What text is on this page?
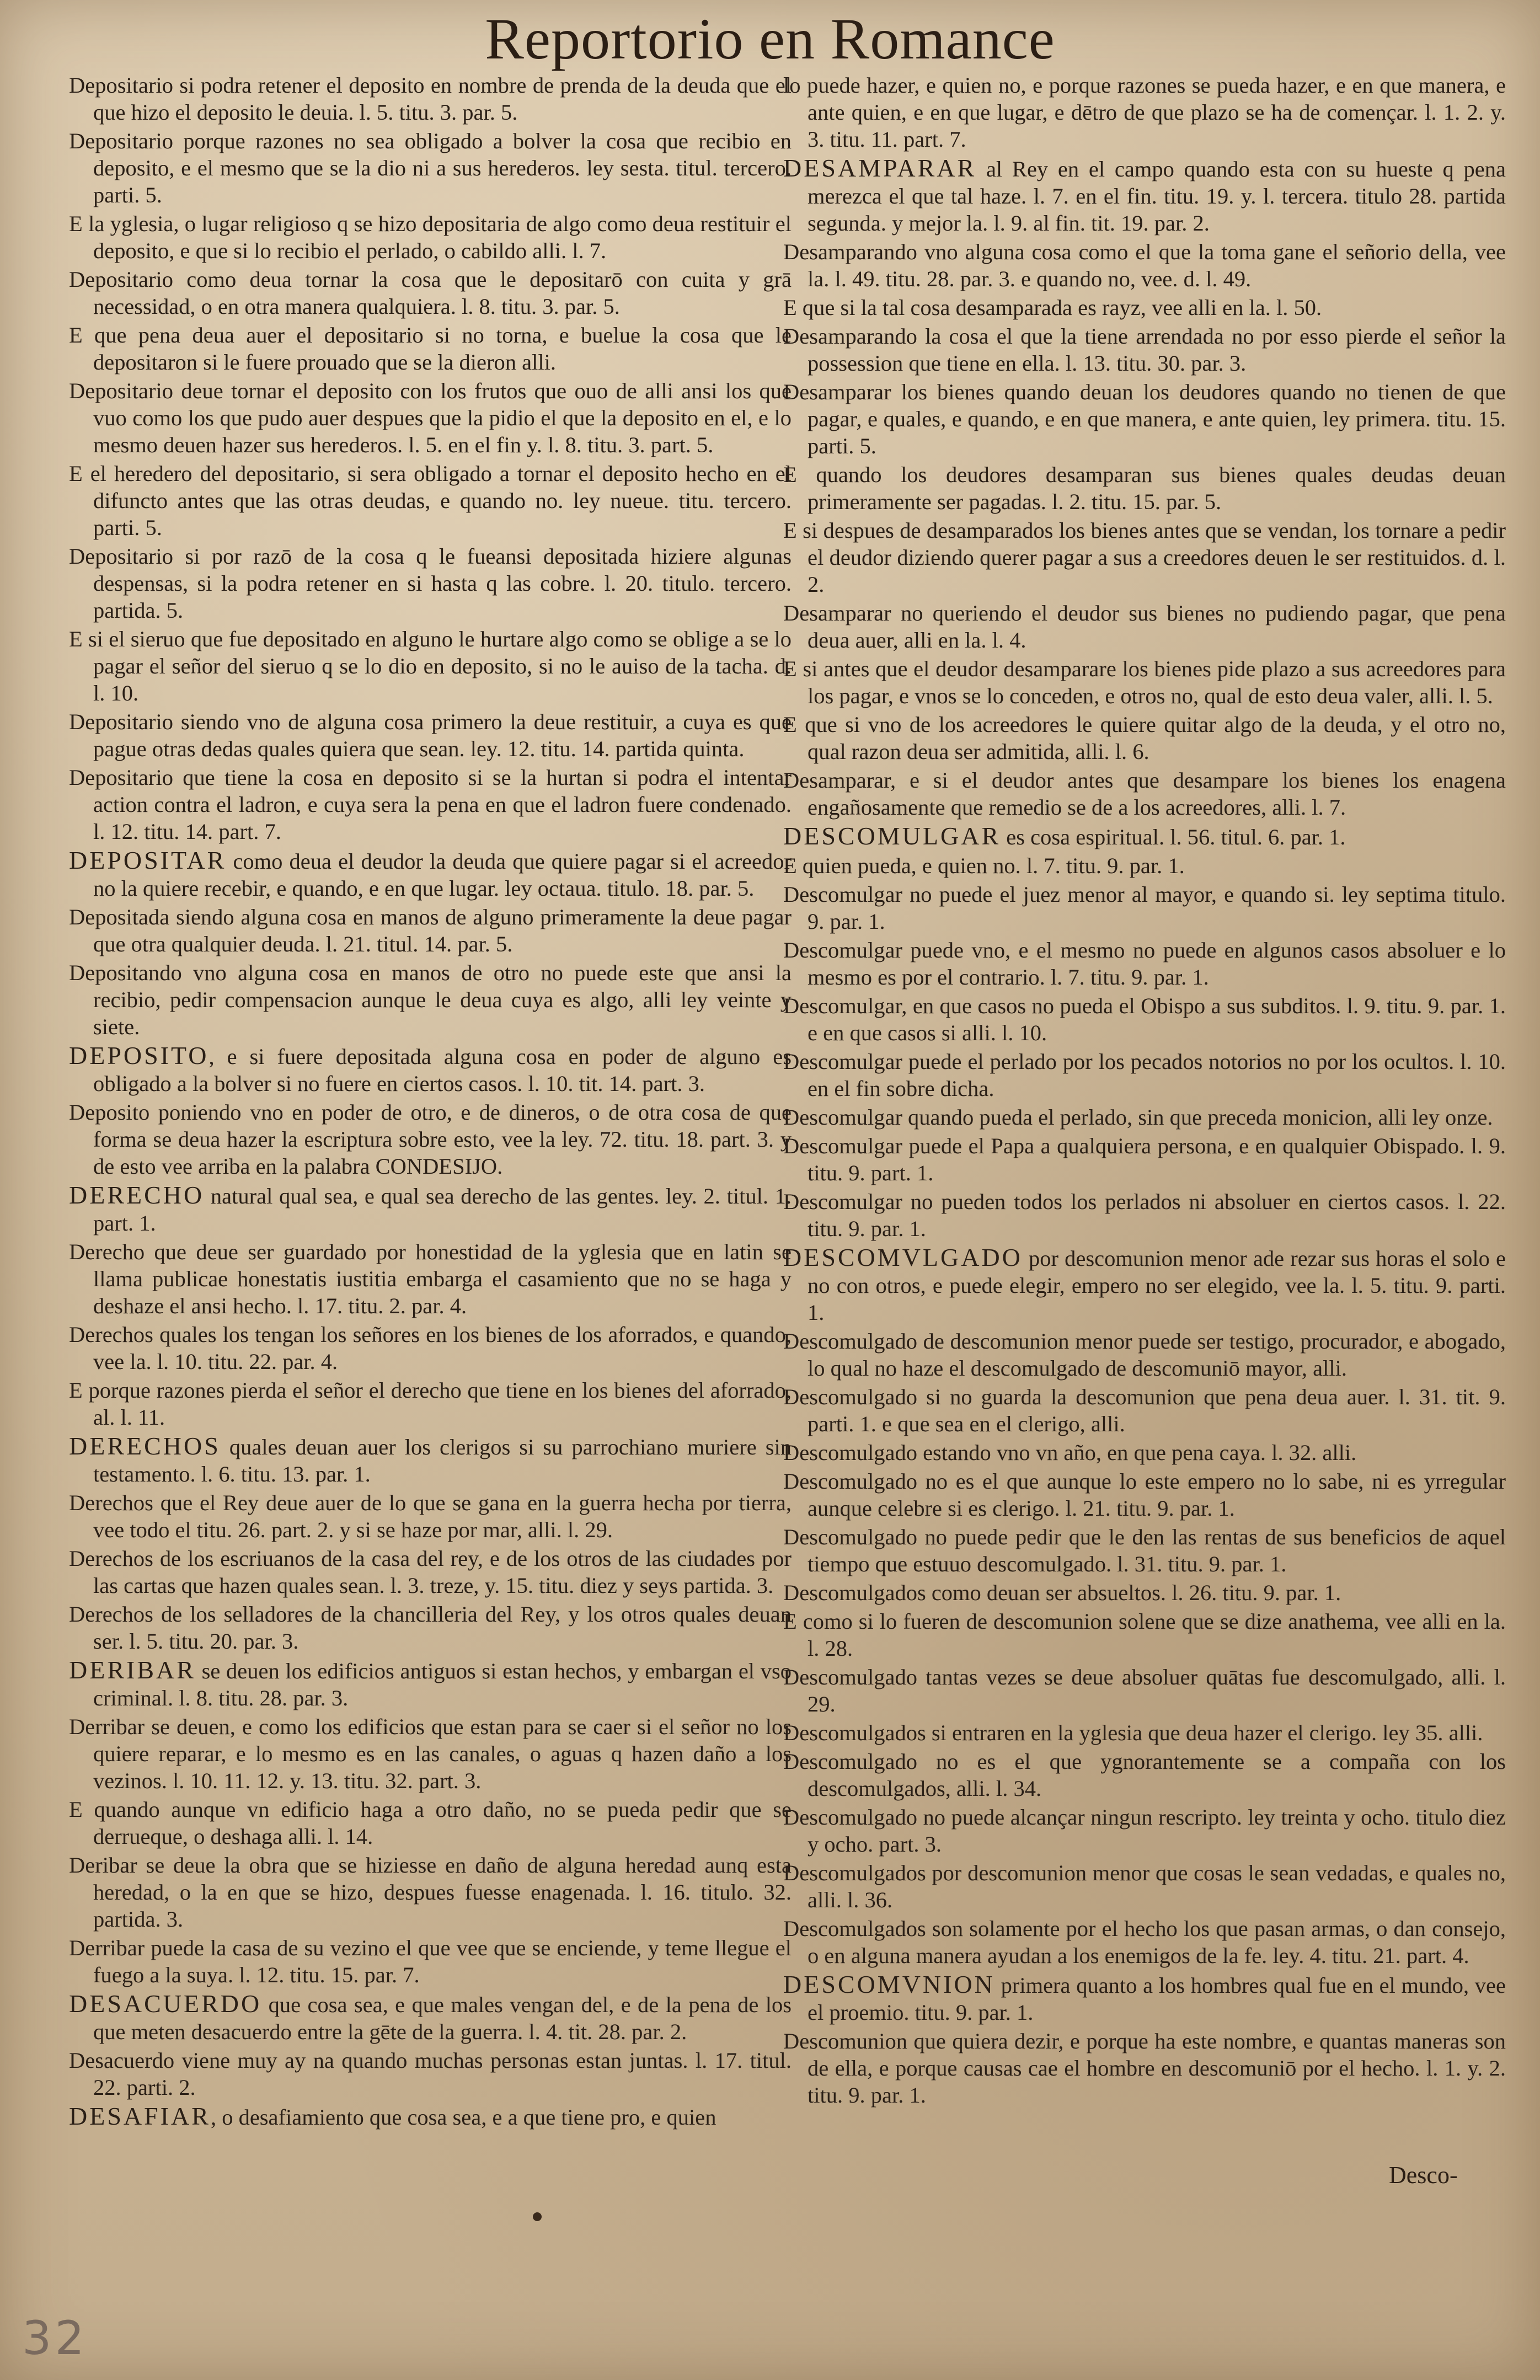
Reportorio en Romance

Depositario si podra retener el deposito en nombre de prenda de la deuda que el que hizo el deposito le deuia. l. 5. titu. 3. par. 5.

Depositario porque razones no sea obligado a bolver la cosa que recibio en deposito, e el mesmo que se la dio ni a sus herederos. ley sesta. titul. tercero. parti. 5.

E la yglesia, o lugar religioso q se hizo depositaria de algo como deua restituir el deposito, e que si lo recibio el perlado, o cabildo alli. l. 7.

Depositario como deua tornar la cosa que le depositarō con cuita y grā necessidad, o en otra manera qualquiera. l. 8. titu. 3. par. 5.

E que pena deua auer el depositario si no torna, e buelue la cosa que le depositaron si le fuere prouado que se la dieron alli.

Depositario deue tornar el deposito con los frutos que ouo de alli ansi los que vuo como los que pudo auer despues que la pidio el que la deposito en el, e lo mesmo deuen hazer sus herederos. l. 5. en el fin y. l. 8. titu. 3. part. 5.

E el heredero del depositario, si sera obligado a tornar el deposito hecho en el difuncto antes que las otras deudas, e quando no. ley nueue. titu. tercero. parti. 5.

Depositario si por razō de la cosa q le fueansi depositada hiziere algunas despensas, si la podra retener en si hasta q las cobre. l. 20. titulo. tercero. partida. 5.

E si el sieruo que fue depositado en alguno le hurtare algo como se oblige a se lo pagar el señor del sieruo q se lo dio en deposito, si no le auiso de la tacha. d. l. 10.

Depositario siendo vno de alguna cosa primero la deue restituir, a cuya es que pague otras dedas quales quiera que sean. ley. 12. titu. 14. partida quinta.

Depositario que tiene la cosa en deposito si se la hurtan si podra el intentar action contra el ladron, e cuya sera la pena en que el ladron fuere condenado. l. 12. titu. 14. part. 7.

DEPOSITAR como deua el deudor la deuda que quiere pagar si el acreedor no la quiere recebir, e quando, e en que lugar. ley octaua. titulo. 18. par. 5.

Depositada siendo alguna cosa en manos de alguno primeramente la deue pagar que otra qualquier deuda. l. 21. titul. 14. par. 5.

Depositando vno alguna cosa en manos de otro no puede este que ansi la recibio, pedir compensacion aunque le deua cuya es algo, alli ley veinte y siete.

DEPOSITO, e si fuere depositada alguna cosa en poder de alguno es obligado a la bolver si no fuere en ciertos casos. l. 10. tit. 14. part. 3.

Deposito poniendo vno en poder de otro, e de dineros, o de otra cosa de que forma se deua hazer la escriptura sobre esto, vee la ley. 72. titu. 18. part. 3. y de esto vee arriba en la palabra CONDESIJO.

DERECHO natural qual sea, e qual sea derecho de las gentes. ley. 2. titul. 1. part. 1.

Derecho que deue ser guardado por honestidad de la yglesia que en latin se llama publicae honestatis iustitia embarga el casamiento que no se haga y deshaze el ansi hecho. l. 17. titu. 2. par. 4.

Derechos quales los tengan los señores en los bienes de los aforrados, e quando, vee la. l. 10. titu. 22. par. 4.

E porque razones pierda el señor el derecho que tiene en los bienes del aforrado, al. l. 11.

DERECHOS quales deuan auer los clerigos si su parrochiano muriere sin testamento. l. 6. titu. 13. par. 1.

Derechos que el Rey deue auer de lo que se gana en la guerra hecha por tierra, vee todo el titu. 26. part. 2. y si se haze por mar, alli. l. 29.

Derechos de los escriuanos de la casa del rey, e de los otros de las ciudades por las cartas que hazen quales sean. l. 3. treze, y. 15. titu. diez y seys partida. 3.

Derechos de los selladores de la chancilleria del Rey, y los otros quales deuan ser. l. 5. titu. 20. par. 3.

DERIBAR se deuen los edificios antiguos si estan hechos, y embargan el vso criminal. l. 8. titu. 28. par. 3.

Derribar se deuen, e como los edificios que estan para se caer si el señor no los quiere reparar, e lo mesmo es en las canales, o aguas q hazen daño a los vezinos. l. 10. 11. 12. y. 13. titu. 32. part. 3.

E quando aunque vn edificio haga a otro daño, no se pueda pedir que se derrueque, o deshaga alli. l. 14.

Deribar se deue la obra que se hiziesse en daño de alguna heredad aunq esta heredad, o la en que se hizo, despues fuesse enagenada. l. 16. titulo. 32. partida. 3.

Derribar puede la casa de su vezino el que vee que se enciende, y teme llegue el fuego a la suya. l. 12. titu. 15. par. 7.

DESACUERDO que cosa sea, e que males vengan del, e de la pena de los que meten desacuerdo entre la gēte de la guerra. l. 4. tit. 28. par. 2.

Desacuerdo viene muy ay na quando muchas personas estan juntas. l. 17. titul. 22. parti. 2.

DESAFIAR, o desafiamiento que cosa sea, e a que tiene pro, e quien

lo puede hazer, e quien no, e porque razones se pueda hazer, e en que manera, e ante quien, e en que lugar, e dētro de que plazo se ha de començar. l. 1. 2. y. 3. titu. 11. part. 7.

DESAMPARAR al Rey en el campo quando esta con su hueste q pena merezca el que tal haze. l. 7. en el fin. titu. 19. y. l. tercera. titulo 28. partida segunda. y mejor la. l. 9. al fin. tit. 19. par. 2.

Desamparando vno alguna cosa como el que la toma gane el señorio della, vee la. l. 49. titu. 28. par. 3. e quando no, vee. d. l. 49.

E que si la tal cosa desamparada es rayz, vee alli en la. l. 50.

Desamparando la cosa el que la tiene arrendada no por esso pierde el señor la possession que tiene en ella. l. 13. titu. 30. par. 3.

Desamparar los bienes quando deuan los deudores quando no tienen de que pagar, e quales, e quando, e en que manera, e ante quien, ley primera. titu. 15. parti. 5.

E quando los deudores desamparan sus bienes quales deudas deuan primeramente ser pagadas. l. 2. titu. 15. par. 5.

E si despues de desamparados los bienes antes que se vendan, los tornare a pedir el deudor diziendo querer pagar a sus a creedores deuen le ser restituidos. d. l. 2.

Desamparar no queriendo el deudor sus bienes no pudiendo pagar, que pena deua auer, alli en la. l. 4.

E si antes que el deudor desamparare los bienes pide plazo a sus acreedores para los pagar, e vnos se lo conceden, e otros no, qual de esto deua valer, alli. l. 5.

E que si vno de los acreedores le quiere quitar algo de la deuda, y el otro no, qual razon deua ser admitida, alli. l. 6.

Desamparar, e si el deudor antes que desampare los bienes los enagena engañosamente que remedio se de a los acreedores, alli. l. 7.

DESCOMULGAR es cosa espiritual. l. 56. titul. 6. par. 1.

E quien pueda, e quien no. l. 7. titu. 9. par. 1.

Descomulgar no puede el juez menor al mayor, e quando si. ley septima titulo. 9. par. 1.

Descomulgar puede vno, e el mesmo no puede en algunos casos absoluer e lo mesmo es por el contrario. l. 7. titu. 9. par. 1.

Descomulgar, en que casos no pueda el Obispo a sus subditos. l. 9. titu. 9. par. 1. e en que casos si alli. l. 10.

Descomulgar puede el perlado por los pecados notorios no por los ocultos. l. 10. en el fin sobre dicha.

Descomulgar quando pueda el perlado, sin que preceda monicion, alli ley onze.

Descomulgar puede el Papa a qualquiera persona, e en qualquier Obispado. l. 9. titu. 9. part. 1.

Descomulgar no pueden todos los perlados ni absoluer en ciertos casos. l. 22. titu. 9. par. 1.

DESCOMVLGADO por descomunion menor ade rezar sus horas el solo e no con otros, e puede elegir, empero no ser elegido, vee la. l. 5. titu. 9. parti. 1.

Descomulgado de descomunion menor puede ser testigo, procurador, e abogado, lo qual no haze el descomulgado de descomuniō mayor, alli.

Descomulgado si no guarda la descomunion que pena deua auer. l. 31. tit. 9. parti. 1. e que sea en el clerigo, alli.

Descomulgado estando vno vn año, en que pena caya. l. 32. alli.

Descomulgado no es el que aunque lo este empero no lo sabe, ni es yrregular aunque celebre si es clerigo. l. 21. titu. 9. par. 1.

Descomulgado no puede pedir que le den las rentas de sus beneficios de aquel tiempo que estuuo descomulgado. l. 31. titu. 9. par. 1.

Descomulgados como deuan ser absueltos. l. 26. titu. 9. par. 1.

E como si lo fueren de descomunion solene que se dize anathema, vee alli en la. l. 28.

Descomulgado tantas vezes se deue absoluer quātas fue descomulgado, alli. l. 29.

Descomulgados si entraren en la yglesia que deua hazer el clerigo. ley 35. alli.

Descomulgado no es el que ygnorantemente se a compaña con los descomulgados, alli. l. 34.

Descomulgado no puede alcançar ningun rescripto. ley treinta y ocho. titulo diez y ocho. part. 3.

Descomulgados por descomunion menor que cosas le sean vedadas, e quales no, alli. l. 36.

Descomulgados son solamente por el hecho los que pasan armas, o dan consejo, o en alguna manera ayudan a los enemigos de la fe. ley. 4. titu. 21. part. 4.

DESCOMVNION primera quanto a los hombres qual fue en el mundo, vee el proemio. titu. 9. par. 1.

Descomunion que quiera dezir, e porque ha este nombre, e quantas maneras son de ella, e porque causas cae el hombre en descomuniō por el hecho. l. 1. y. 2. titu. 9. par. 1.

Desco-
32
